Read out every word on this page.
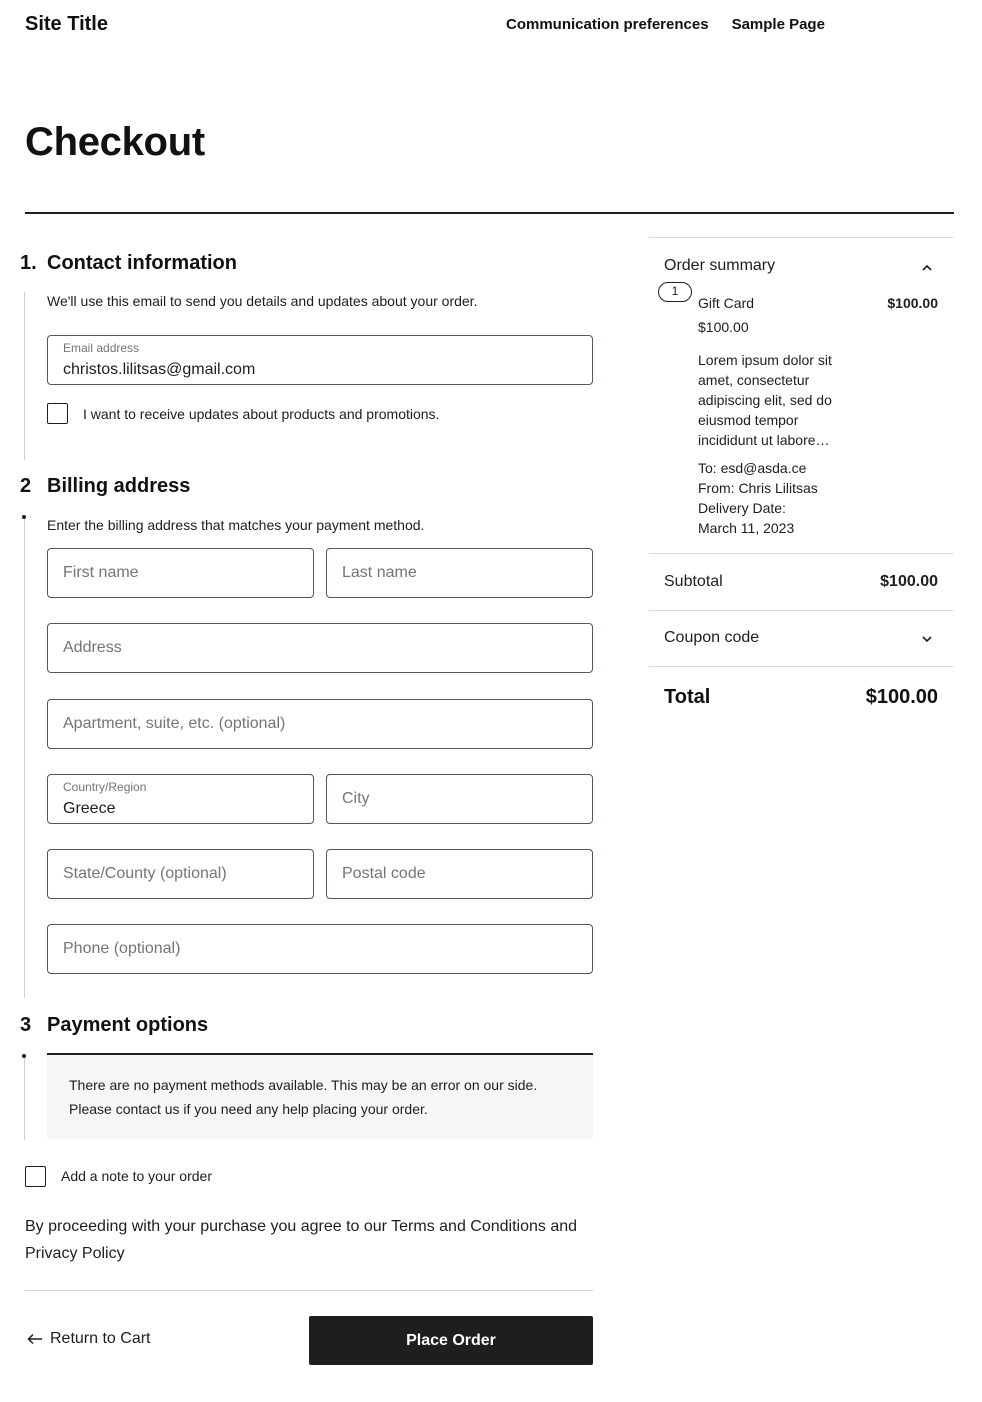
Site Title	Communication preferences Sample Page
Checkout
1. Contact information
We'll use this email to send you details and updates about your order.
Email address
christos.lilitsas@gmail.com
I want to receive updates about products and promotions.
2 Billing address
Enter the billing address that matches your payment method.
First name	Last name
Address
Apartment, suite, etc. (optional)
Country/Region
Greece
City
State/County (optional)	Postal code
Phone (optional)
3 Payment options
There are no payment methods available. This may be an error on our side. Please contact us if you need any help placing your order.
Add a note to your order
By proceeding with your purchase you agree to our Terms and Conditions and Privacy Policy
Return to Cart	Place Order
Order summary
1
Gift Card	$100.00
$100.00
Lorem ipsum dolor sit amet, consectetur adipiscing elit, sed do eiusmod tempor incididunt ut labore…
To: esd@asda.ce
From: Chris Lilitsas
Delivery Date:
March 11, 2023
Subtotal	$100.00
Coupon code
Total	$100.00
